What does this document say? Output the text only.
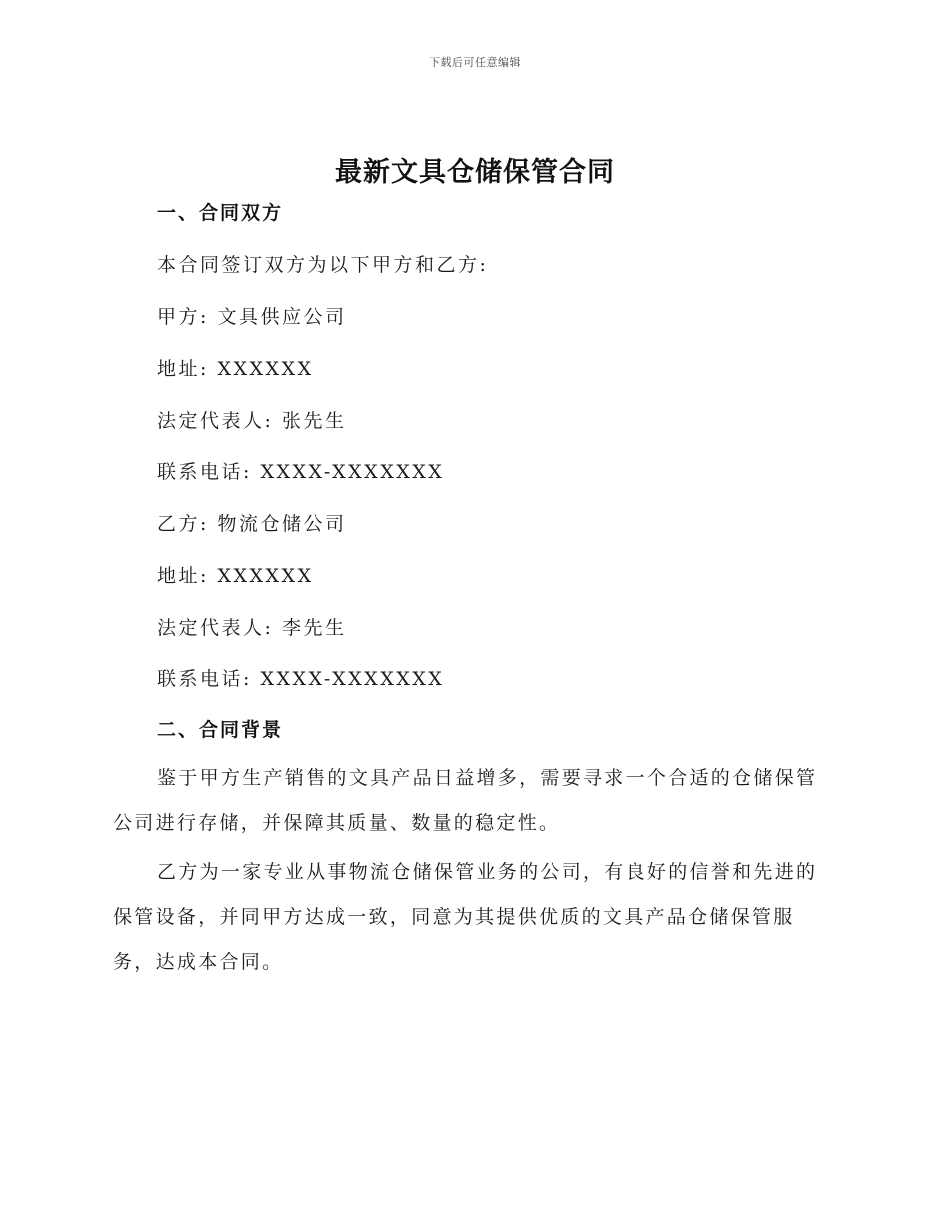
下载后可任意编辑
最新文具仓储保管合同
一、合同双方

本合同签订双方为以下甲方和乙方:

甲方: 文具供应公司

地址: XXXXXX

法定代表人: 张先生

联系电话: XXXX-XXXXXXX

乙方: 物流仓储公司

地址: XXXXXX

法定代表人: 李先生

联系电话: XXXX-XXXXXXX

二、合同背景

鉴于甲方生产销售的文具产品日益增多，需要寻求一个合适的仓储保管公司进行存储，并保障其质量、数量的稳定性。

乙方为一家专业从事物流仓储保管业务的公司，有良好的信誉和先进的保管设备，并同甲方达成一致，同意为其提供优质的文具产品仓储保管服务，达成本合同。
